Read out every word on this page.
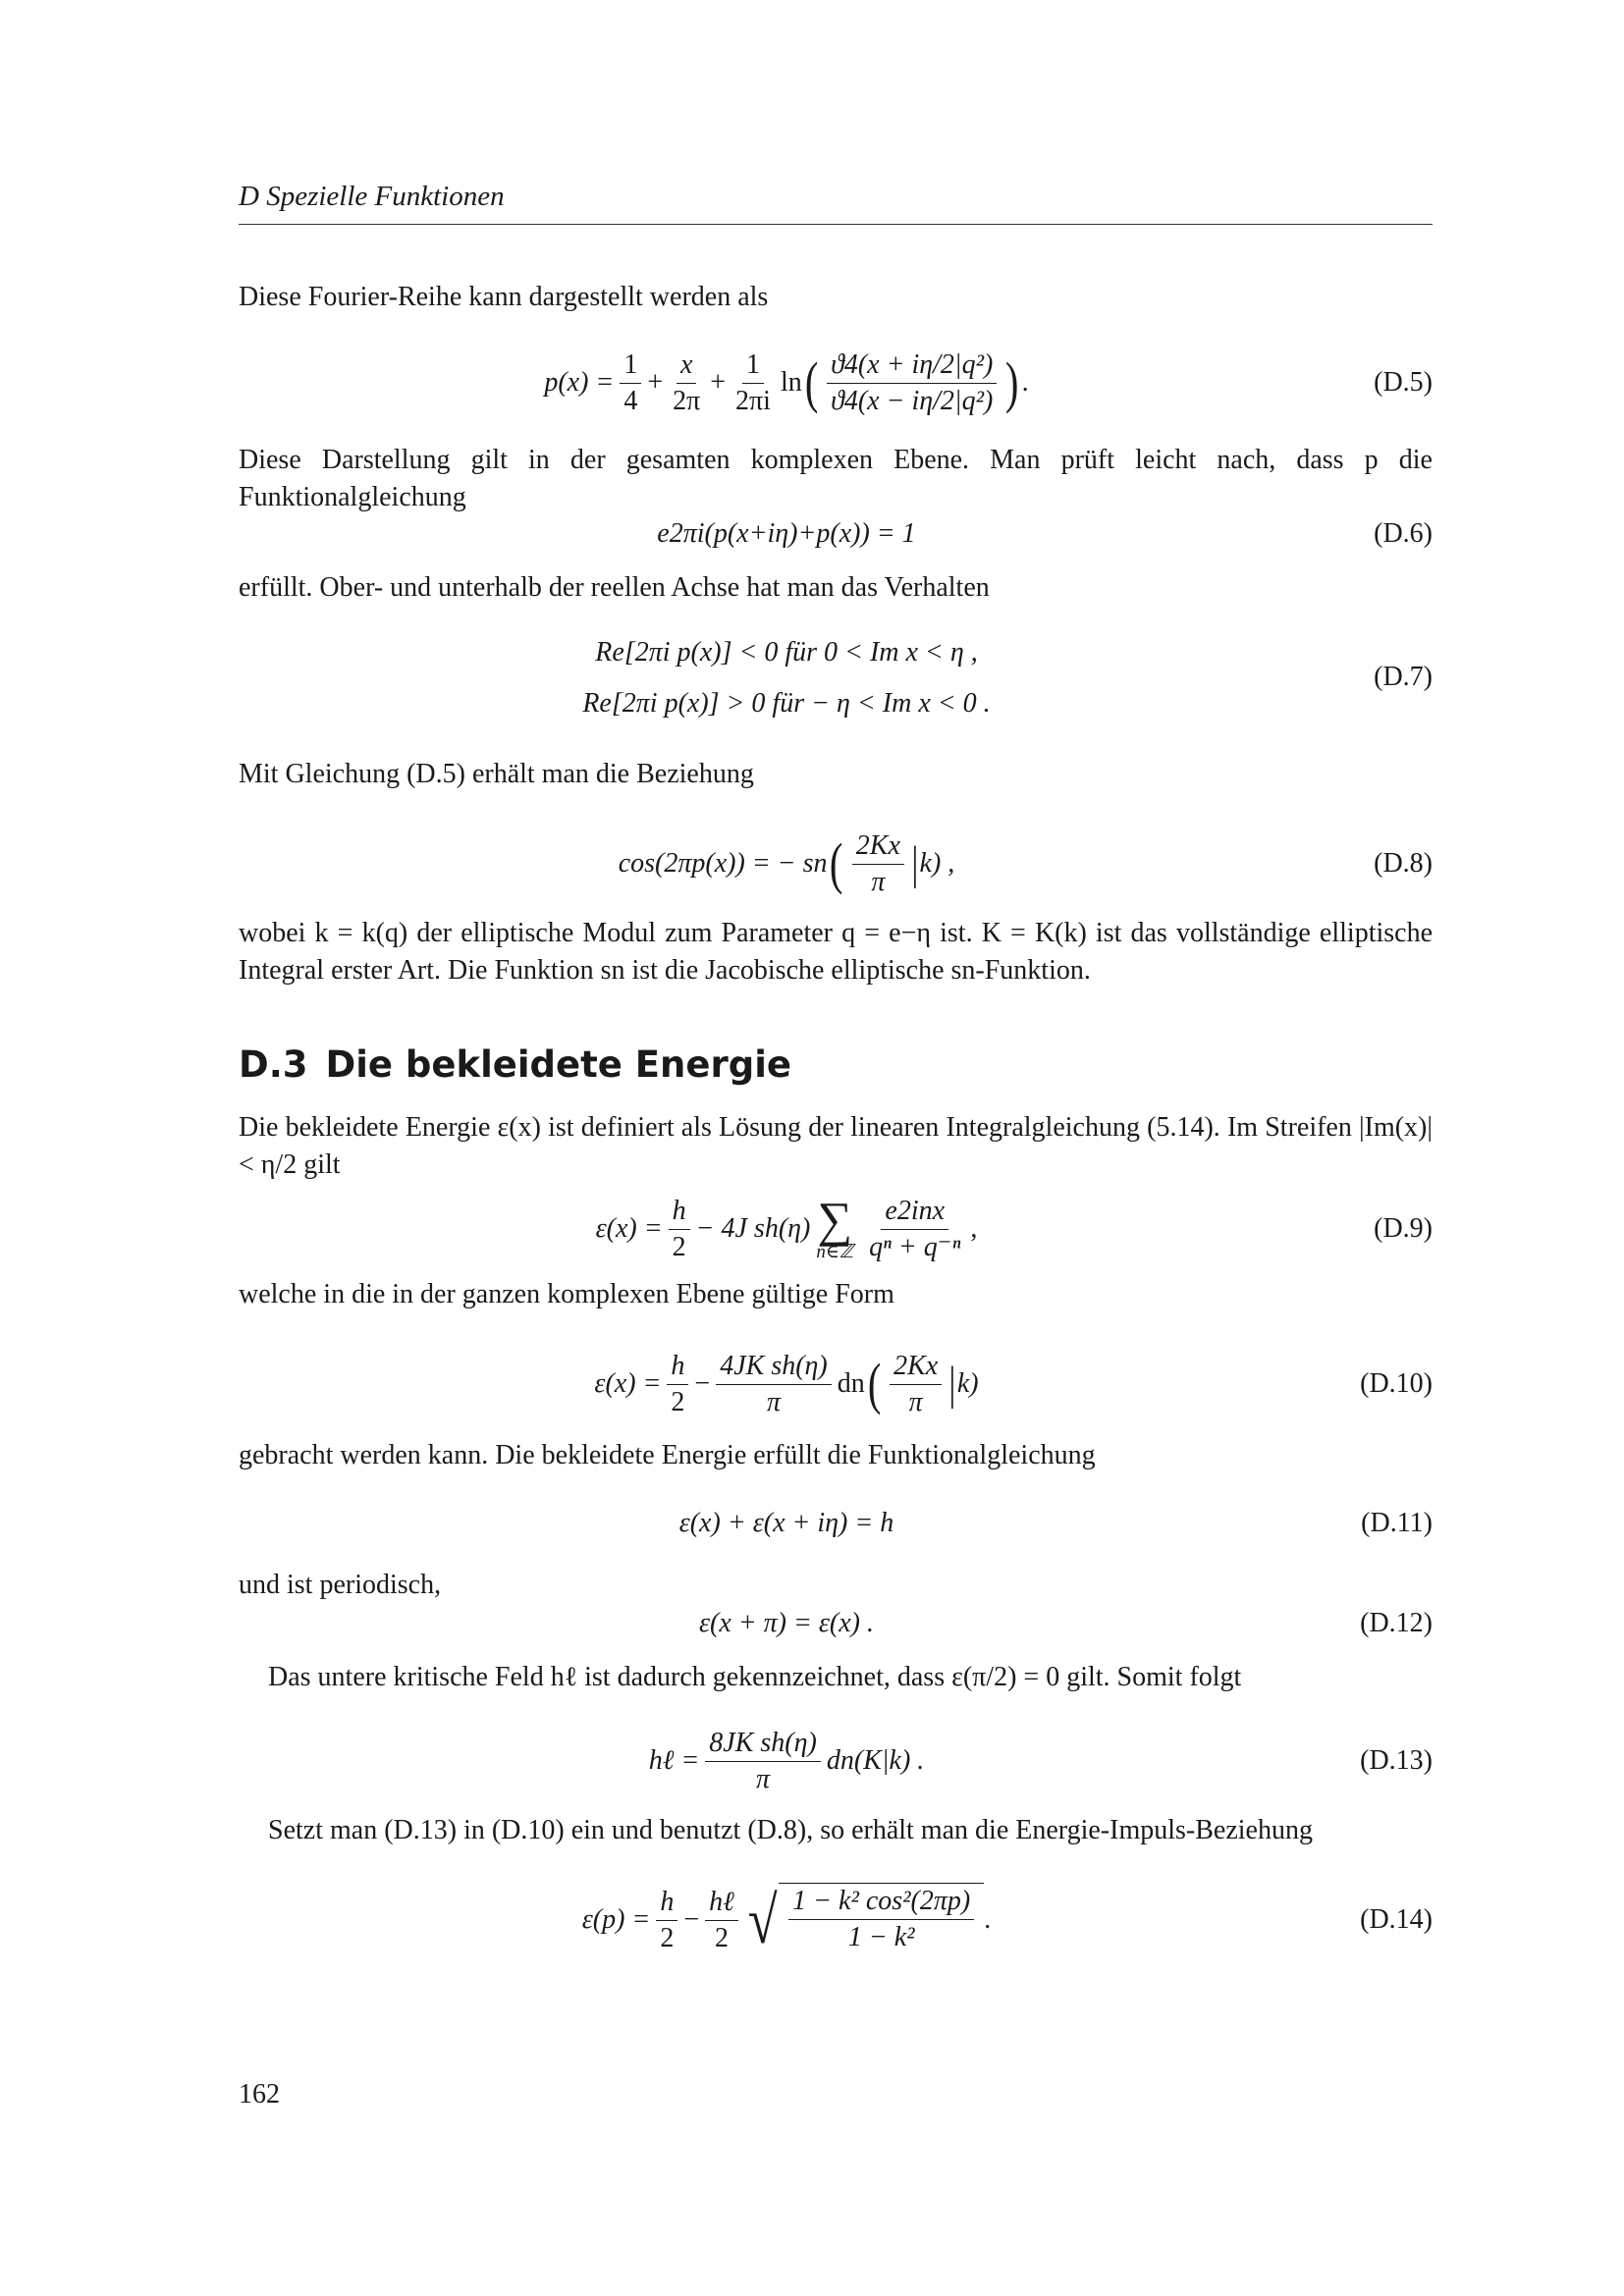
D Spezielle Funktionen
Diese Fourier-Reihe kann dargestellt werden als
$p(x) = \frac{1}{4} + \frac{x}{2\pi} + \frac{1}{2\pi i}$ ln ( $\frac{\text{ϑ4(x + iη/2|q²)}}{\text{ϑ4(x − iη/2|q²)}}$ ) .	(D.5)
Diese Darstellung gilt in der gesamten komplexen Ebene. Man prüft leicht nach, dass p die Funktionalgleichung
e2πi(p(x+iη)+p(x)) = 1	(D.6)
erfüllt. Ober- und unterhalb der reellen Achse hat man das Verhalten
Re[2πi p(x)] < 0 für 0 < Im x < η ,
Re[2πi p(x)] > 0 für − η < Im x < 0 .
(D.7)
Mit Gleichung (D.5) erhält man die Beziehung
cos(2πp(x)) = − sn ( $\frac{2Kx}{\pi}$ | k) ,	(D.8)
wobei k = k(q) der elliptische Modul zum Parameter q = e−η ist. K = K(k) ist das vollständige elliptische Integral erster Art. Die Funktion sn ist die Jacobische elliptische sn-Funktion.
D.3 Die bekleidete Energie
Die bekleidete Energie ε(x) ist definiert als Lösung der linearen Integralgleichung (5.14). Im Streifen |Im(x)| < η/2 gilt
$\varepsilon(x) = \frac{h}{2} - 4J$ sh(η) ∑
n∈ℤ $\frac{\text{e2inx}}{\text{qⁿ + q⁻ⁿ}}$ ,	(D.9)
welche in die in der ganzen komplexen Ebene gültige Form
$\varepsilon(x) = \frac{h}{2} - \frac{\text{4JK sh(η)}}{\pi}$ dn ( $\frac{2Kx}{\pi}$ | k)	(D.10)
gebracht werden kann. Die bekleidete Energie erfüllt die Funktionalgleichung
ε(x) + ε(x + iη) = h	(D.11)
und ist periodisch,
ε(x + π) = ε(x) .	(D.12)
Das untere kritische Feld hℓ ist dadurch gekennzeichnet, dass ε(π/2) = 0 gilt. Somit folgt
hℓ = $\frac{\text{8JK sh(η)}}{\pi} dn(K|k)$ .	(D.13)
Setzt man (D.13) in (D.10) ein und benutzt (D.8), so erhält man die Energie-Impuls-Beziehung
$\varepsilon(p) = \frac{h}{2} - \frac{\text{hℓ}}{2}$ √ $\frac{\text{1 − k² cos²(2πp)}}{\text{1 − k²}}$ .	(D.14)
162
